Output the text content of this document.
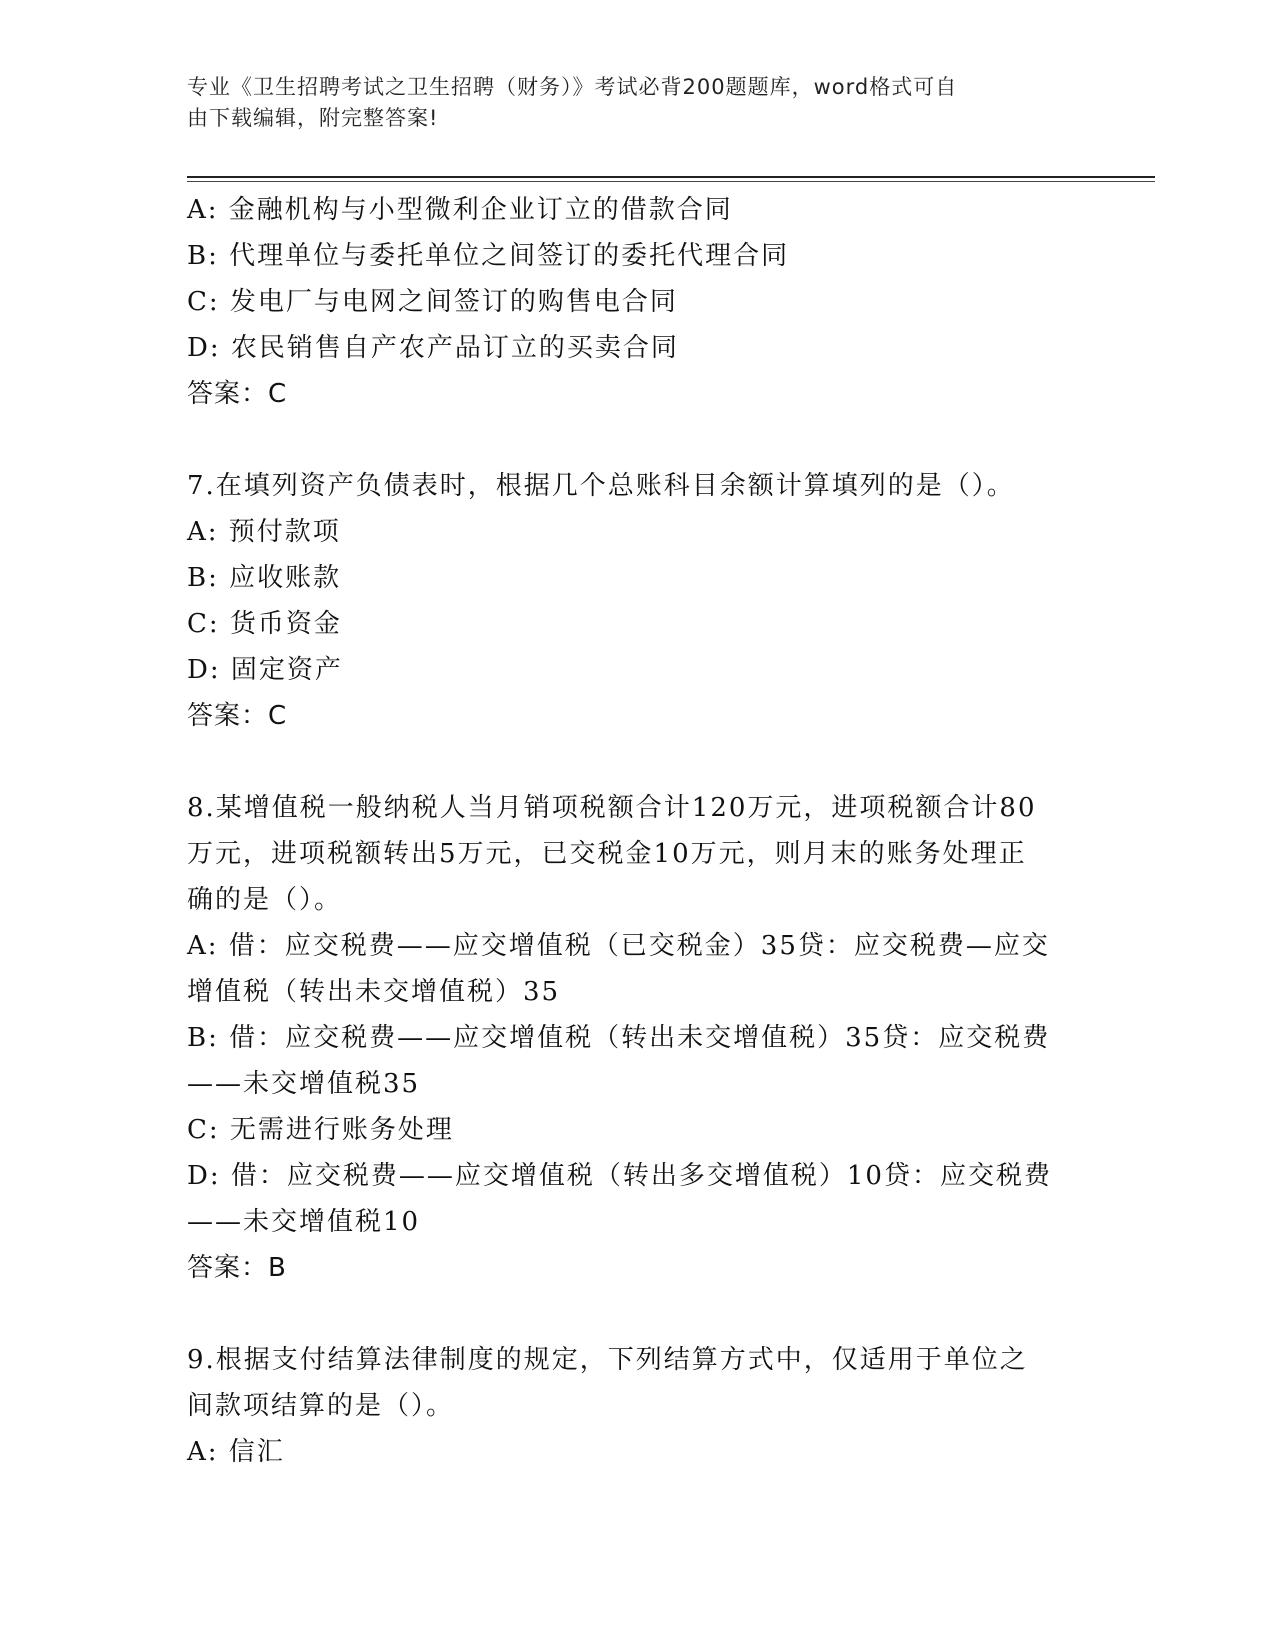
专业《卫生招聘考试之卫生招聘（财务）》考试必背200题题库，word格式可自
由下载编辑，附完整答案!
A: 金融机构与小型微利企业订立的借款合同
B: 代理单位与委托单位之间签订的委托代理合同
C: 发电厂与电网之间签订的购售电合同
D: 农民销售自产农产品订立的买卖合同
答案：C
7.在填列资产负债表时，根据几个总账科目余额计算填列的是（）。
A: 预付款项
B: 应收账款
C: 货币资金
D: 固定资产
答案：C
8.某增值税一般纳税人当月销项税额合计120万元，进项税额合计80
万元，进项税额转出5万元，已交税金10万元，则月末的账务处理正
确的是（）。
A: 借：应交税费——应交增值税（已交税金）35贷：应交税费—应交
增值税（转出未交增值税）35
B: 借：应交税费——应交增值税（转出未交增值税）35贷：应交税费
——未交增值税35
C: 无需进行账务处理
D: 借：应交税费——应交增值税（转出多交增值税）10贷：应交税费
——未交增值税10
答案：B
9.根据支付结算法律制度的规定，下列结算方式中，仅适用于单位之
间款项结算的是（）。
A: 信汇
